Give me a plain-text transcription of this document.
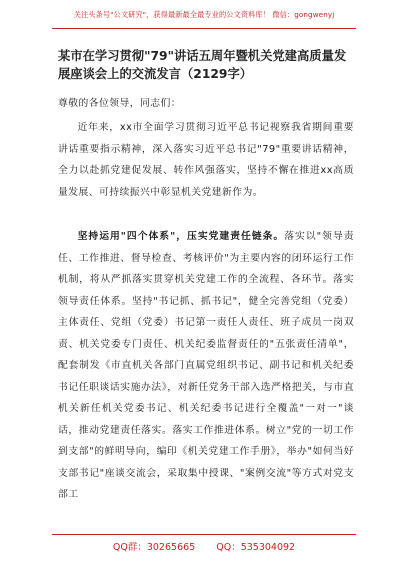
关注头条号"公文研究"，获得最新最全最专业的公文资料库！ 微信：gongwenyj
某市在学习贯彻"79"讲话五周年暨机关党建高质量发展座谈会上的交流发言（2129字）
尊敬的各位领导，同志们：
近年来，xx市全面学习贯彻习近平总书记视察我省期间重要讲话重要指示精神，深入落实习近平总书记"79"重要讲话精神，全力以赴抓党建促发展、转作风强落实，坚持不懈在推进xx高质量发展、可持续振兴中彰显机关党建新作为。
坚持运用"四个体系"，压实党建责任链条。落实以"领导责任、工作推进、督导检查、考核评价"为主要内容的闭环运行工作机制，将从严抓落实贯穿机关党建工作的全流程、各环节。落实领导责任体系。坚持"书记抓、抓书记"，健全完善党组（党委）主体责任、党组（党委）书记第一责任人责任、班子成员一岗双责、机关党委专门责任、机关纪委监督责任的"五张责任清单"，配套制发《市直机关各部门直属党组织书记、副书记和机关纪委书记任职谈话实施办法》，对新任党务干部入选严格把关，与市直机关新任机关党委书记、机关纪委书记进行全覆盖"一对一"谈话，推动党建责任落实。落实工作推进体系。树立"党的一切工作到支部"的鲜明导向，编印《机关党建工作手册》，举办"如何当好支部书记"座谈交流会，采取集中授课、"案例交流"等方式对党支部工
QQ群：30265665 QQ：535304092
